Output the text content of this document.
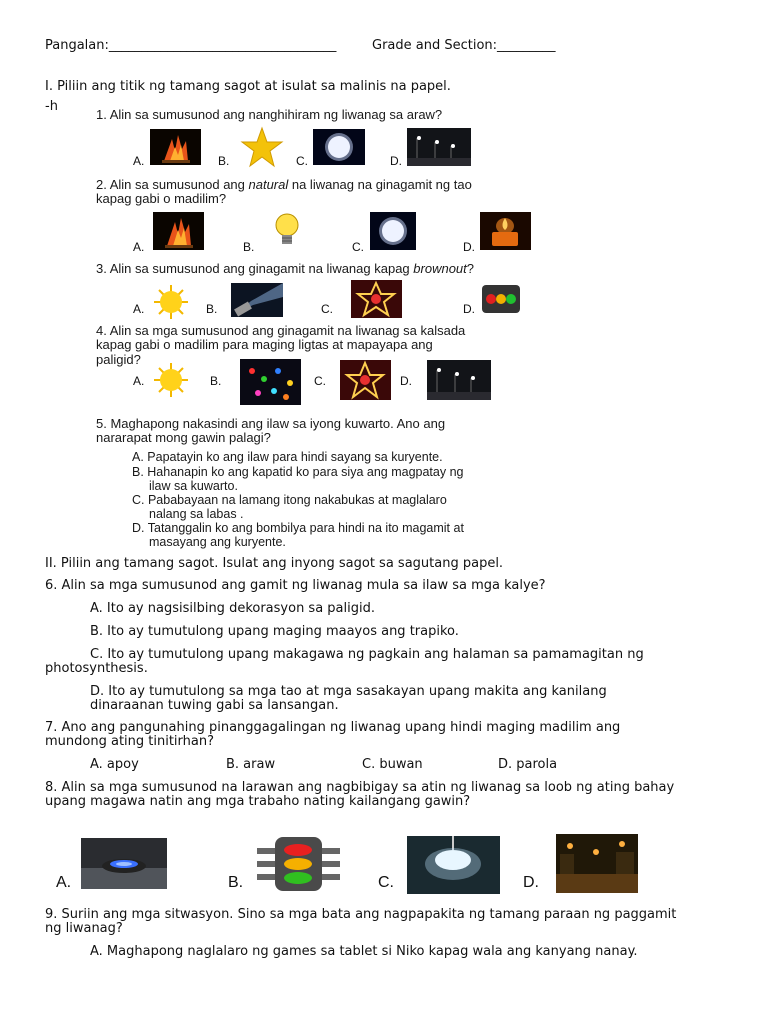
Pangalan:___________________________________	Grade and Section:_________
I. Piliin ang titik ng tamang sagot at isulat sa malinis na papel.
-h
1. Alin sa sumusunod ang nanghihiram ng liwanag sa araw?
A.	B.	C.	D.
2. Alin sa sumusunod ang natural na liwanag na ginagamit ng tao
kapag gabi o madilim?
A.	B.	C.	D.
3. Alin sa sumusunod ang ginagamit na liwanag kapag brownout?
A.	B.	C.	D.
4. Alin sa mga sumusunod ang ginagamit na liwanag sa kalsada
kapag gabi o madilim para maging ligtas at mapayapa ang
paligid?
A.	B.	C.	D.
5. Maghapong nakasindi ang ilaw sa iyong kuwarto. Ano ang
nararapat mong gawin palagi?
A. Papatayin ko ang ilaw para hindi sayang sa kuryente.
B. Hahanapin ko ang kapatid ko para siya ang magpatay ng
ilaw sa kuwarto.
C. Pababayaan na lamang itong nakabukas at maglalaro
nalang sa labas .
D. Tatanggalin ko ang bombilya para hindi na ito magamit at
masayang ang kuryente.
II. Piliin ang tamang sagot. Isulat ang inyong sagot sa sagutang papel.
6. Alin sa mga sumusunod ang gamit ng liwanag mula sa ilaw sa mga kalye?
A. Ito ay nagsisilbing dekorasyon sa paligid.
B. Ito ay tumutulong upang maging maayos ang trapiko.
C. Ito ay tumutulong upang makagawa ng pagkain ang halaman sa pamamagitan ng
photosynthesis.
D. Ito ay tumutulong sa mga tao at mga sasakayan upang makita ang kanilang
dinaraanan tuwing gabi sa lansangan.
7. Ano ang pangunahing pinanggagalingan ng liwanag upang hindi maging madilim ang
mundong ating tinitirhan?
A. apoy	B. araw	C. buwan	D. parola
8. Alin sa mga sumusunod na larawan ang nagbibigay sa atin ng liwanag sa loob ng ating bahay
upang magawa natin ang mga trabaho nating kailangang gawin?
A.	B.	C.	D.
9. Suriin ang mga sitwasyon. Sino sa mga bata ang nagpapakita ng tamang paraan ng paggamit
ng liwanag?
A. Maghapong naglalaro ng games sa tablet si Niko kapag wala ang kanyang nanay.
